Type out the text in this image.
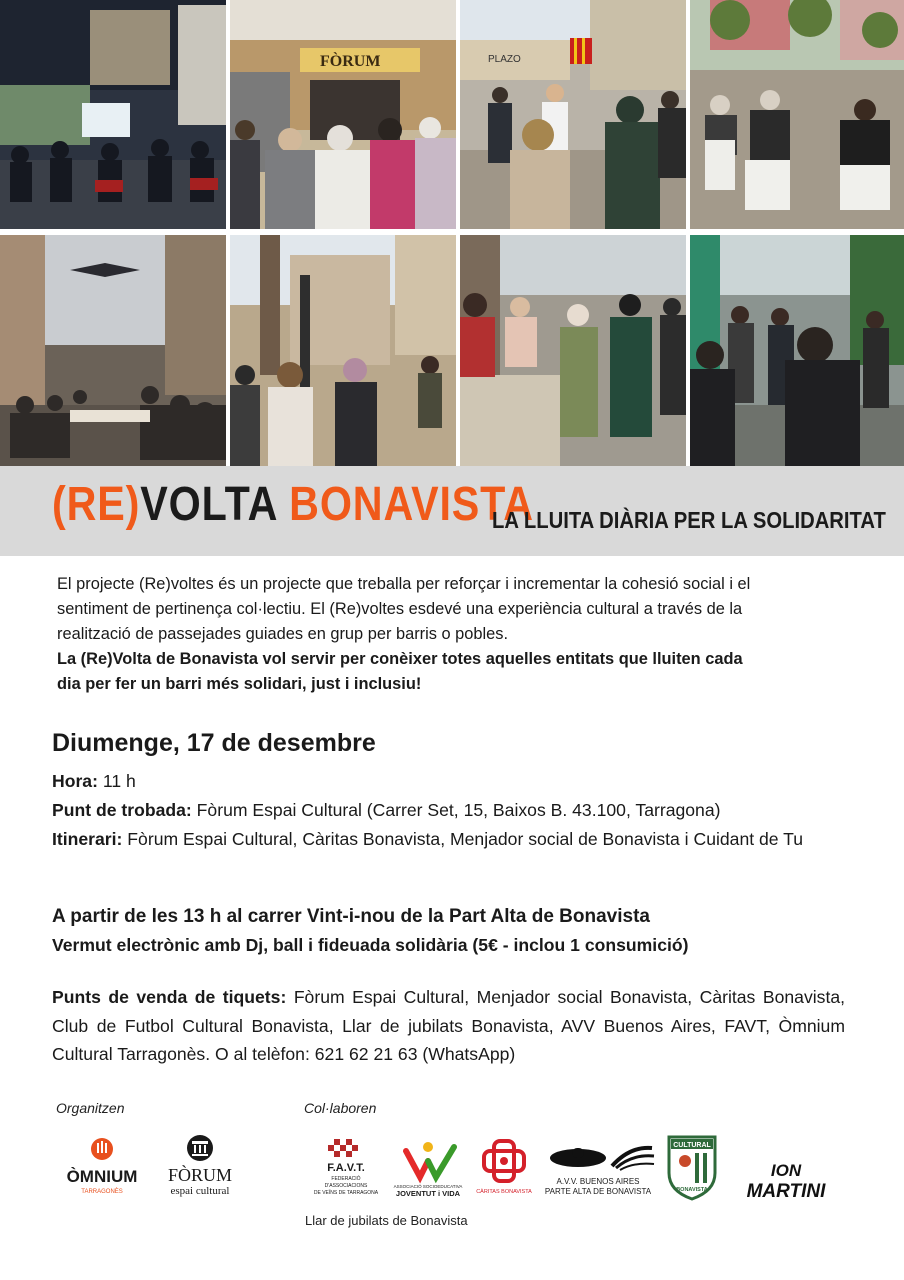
FÒRUM	PLAZO
(RE)VOLTA BONAVISTA
LA LLUITA DIÀRIA PER LA SOLIDARITAT
El projecte (Re)voltes és un projecte que treballa per reforçar i incrementar la cohesió social i el
sentiment de pertinença col·lectiu. El (Re)voltes esdevé una experiència cultural a través de la
realització de passejades guiades en grup per barris o pobles.
La (Re)Volta de Bonavista vol servir per conèixer totes aquelles entitats que lluiten cada
dia per fer un barri més solidari, just i inclusiu!
Diumenge, 17 de desembre
Hora: 11 h
Punt de trobada: Fòrum Espai Cultural (Carrer Set, 15, Baixos B. 43.100, Tarragona)
Itinerari: Fòrum Espai Cultural, Càritas Bonavista, Menjador social de Bonavista i Cuidant de Tu
A partir de les 13 h al carrer Vint-i-nou de la Part Alta de Bonavista
Vermut electrònic amb Dj, ball i fideuada solidària (5€ - inclou 1 consumició)
Punts de venda de tiquets: Fòrum Espai Cultural, Menjador social Bonavista, Càritas Bonavista, Club de Futbol Cultural Bonavista, Llar de jubilats Bonavista, AVV Buenos Aires, FAVT, Òmnium Cultural Tarragonès. O al telèfon: 621 62 21 63 (WhatsApp)
Organitzen	Col·laboren
ÒMNIUM
TARRAGONÈS
FÒRUM
espai cultural
F.A.V.T.
FEDERACIÓ
D'ASSOCIACIONS
DE VEÏNS DE TARRAGONA
ASSOCIACIÓ SOCIOEDUCATIVA
JOVENTUT i VIDA	CÀRITAS BONAVISTA
A.V.V. BUENOS AIRES
PARTE ALTA DE BONAVISTA
CULTURAL
BONAVISTA
ION
MARTINI
Llar de jubilats de Bonavista
